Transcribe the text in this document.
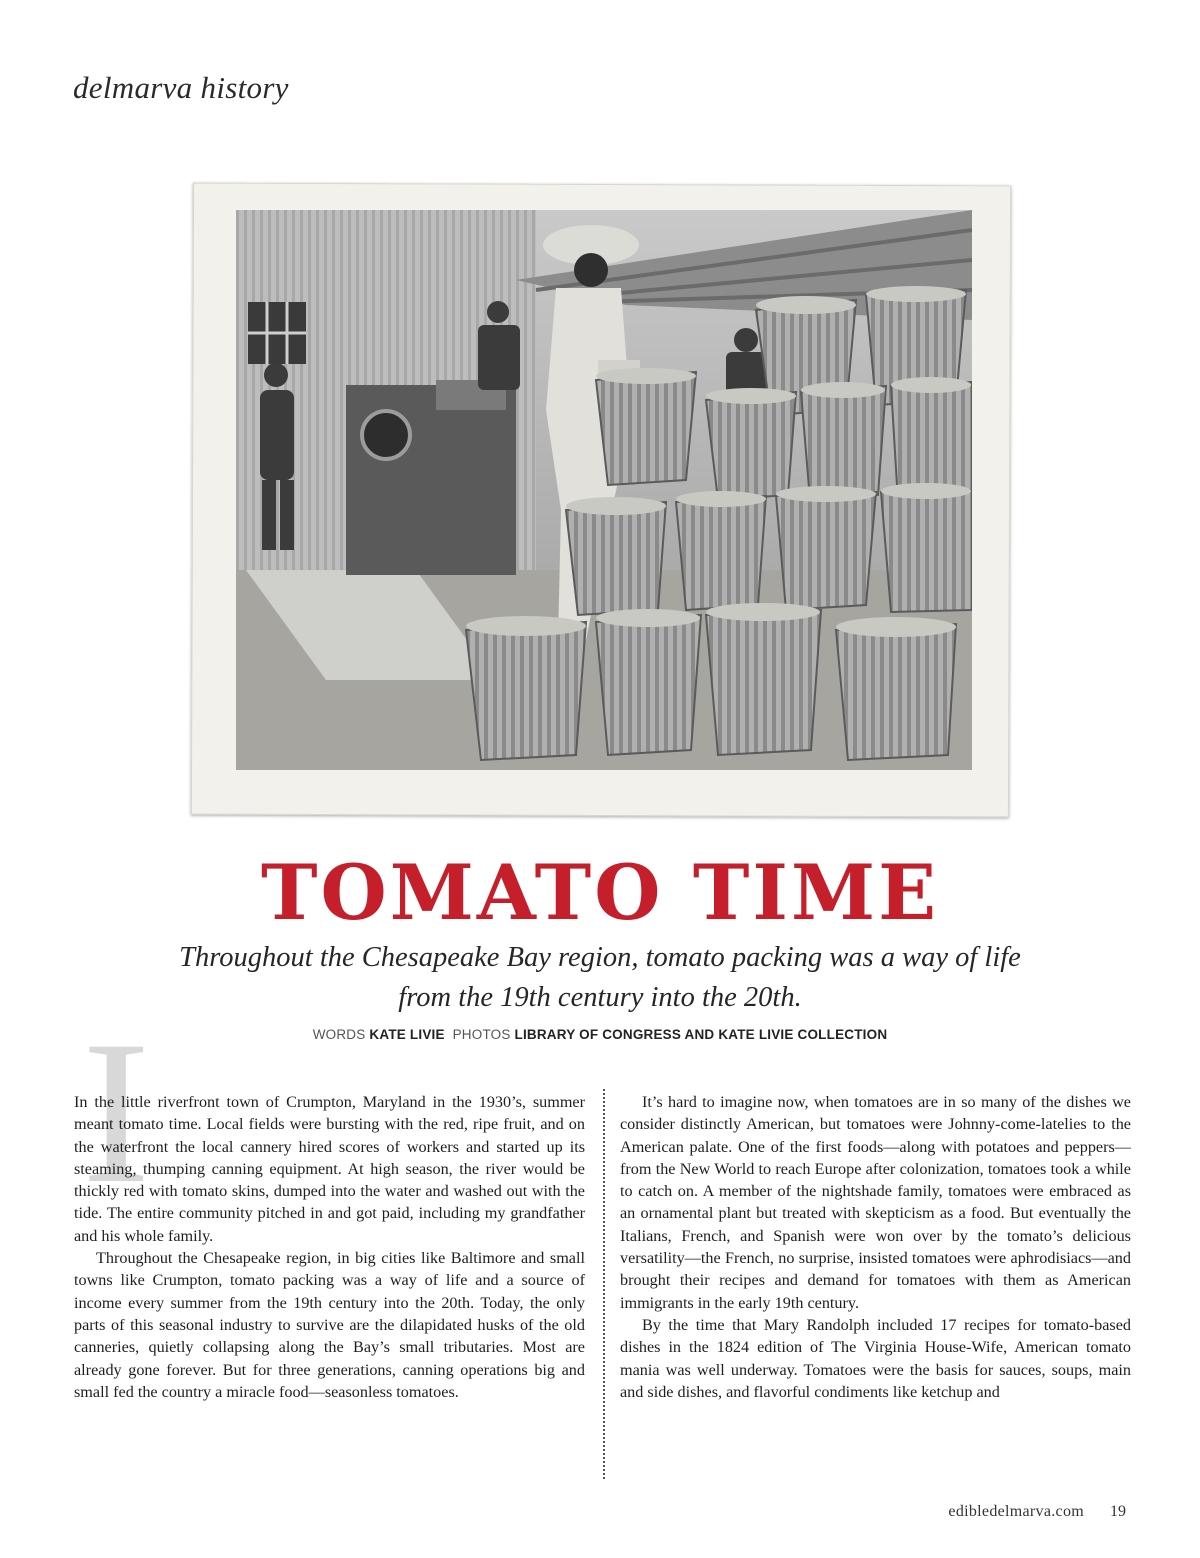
delmarva history
TOMATO TIME
Throughout the Chesapeake Bay region, tomato packing was a way of life
from the 19th century into the 20th.
WORDS KATE LIVIE PHOTOS LIBRARY OF CONGRESS AND KATE LIVIE COLLECTION
I

In the little riverfront town of Crumpton, Maryland in the 1930’s, summer meant tomato time. Local fields were bursting with the red, ripe fruit, and on the waterfront the local cannery hired scores of workers and started up its steaming, thumping canning equipment. At high season, the river would be thickly red with tomato skins, dumped into the water and washed out with the tide. The entire community pitched in and got paid, including my grandfather and his whole family.

Throughout the Chesapeake region, in big cities like Baltimore and small towns like Crumpton, tomato packing was a way of life and a source of income every summer from the 19th century into the 20th. Today, the only parts of this seasonal industry to survive are the dilapidated husks of the old canneries, quietly collapsing along the Bay’s small tributaries. Most are already gone forever. But for three generations, canning operations big and small fed the country a miracle food—seasonless tomatoes.

It’s hard to imagine now, when tomatoes are in so many of the dishes we consider distinctly American, but tomatoes were Johnny-come-latelies to the American palate. One of the first foods—along with potatoes and peppers—from the New World to reach Europe after colonization, tomatoes took a while to catch on. A member of the nightshade family, tomatoes were embraced as an ornamental plant but treated with skepticism as a food. But eventually the Italians, French, and Spanish were won over by the tomato’s delicious versatility—the French, no surprise, insisted tomatoes were aphrodisiacs—and brought their recipes and demand for tomatoes with them as American immigrants in the early 19th century.

By the time that Mary Randolph included 17 recipes for tomato-based dishes in the 1824 edition of The Virginia House-Wife, American tomato mania was well underway. Tomatoes were the basis for sauces, soups, main and side dishes, and flavorful condiments like ketchup and

edibledelmarva.com 19
